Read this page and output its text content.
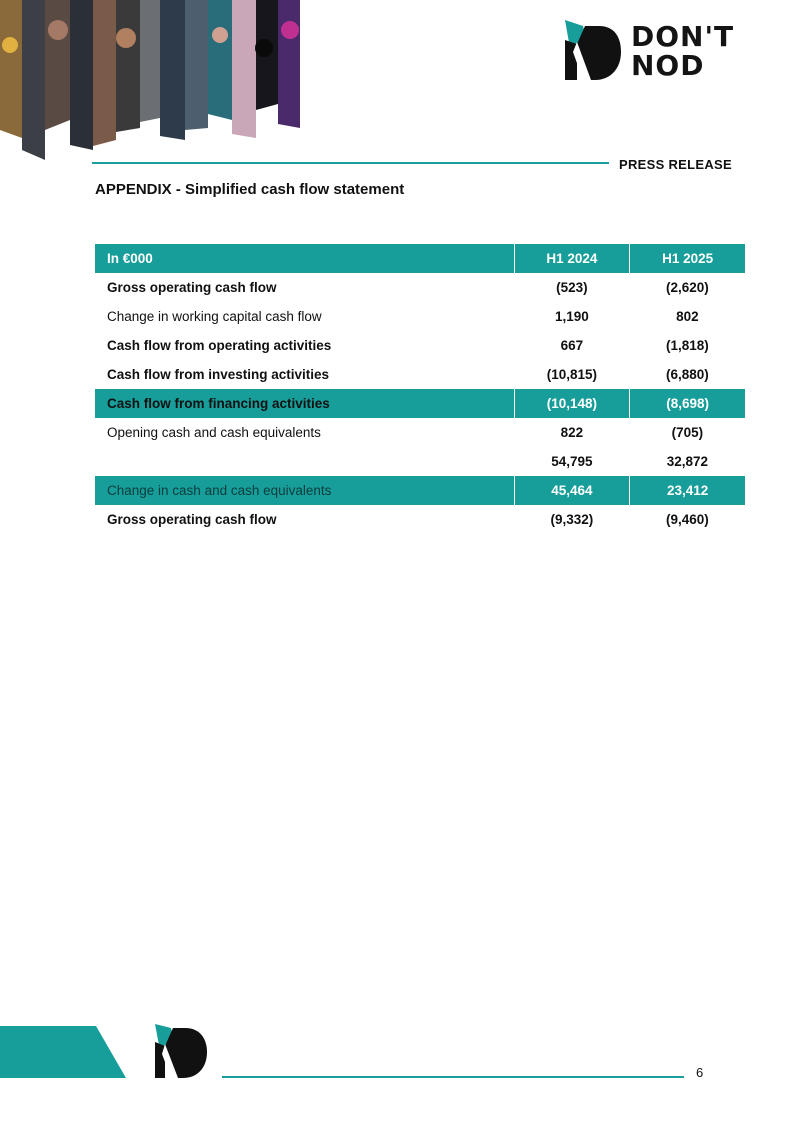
DON'T
NOD
PRESS RELEASE
APPENDIX - Simplified cash flow statement
In €000	H1 2024	H1 2025
Gross operating cash flow	(523)	(2,620)
Change in working capital cash flow	1,190	802
Cash flow from operating activities	667	(1,818)
Cash flow from investing activities	(10,815)	(6,880)
Cash flow from financing activities	(10,148)	(8,698)
Opening cash and cash equivalents	822	(705)
	54,795	32,872
Change in cash and cash equivalents	45,464	23,412
Gross operating cash flow	(9,332)	(9,460)
6
